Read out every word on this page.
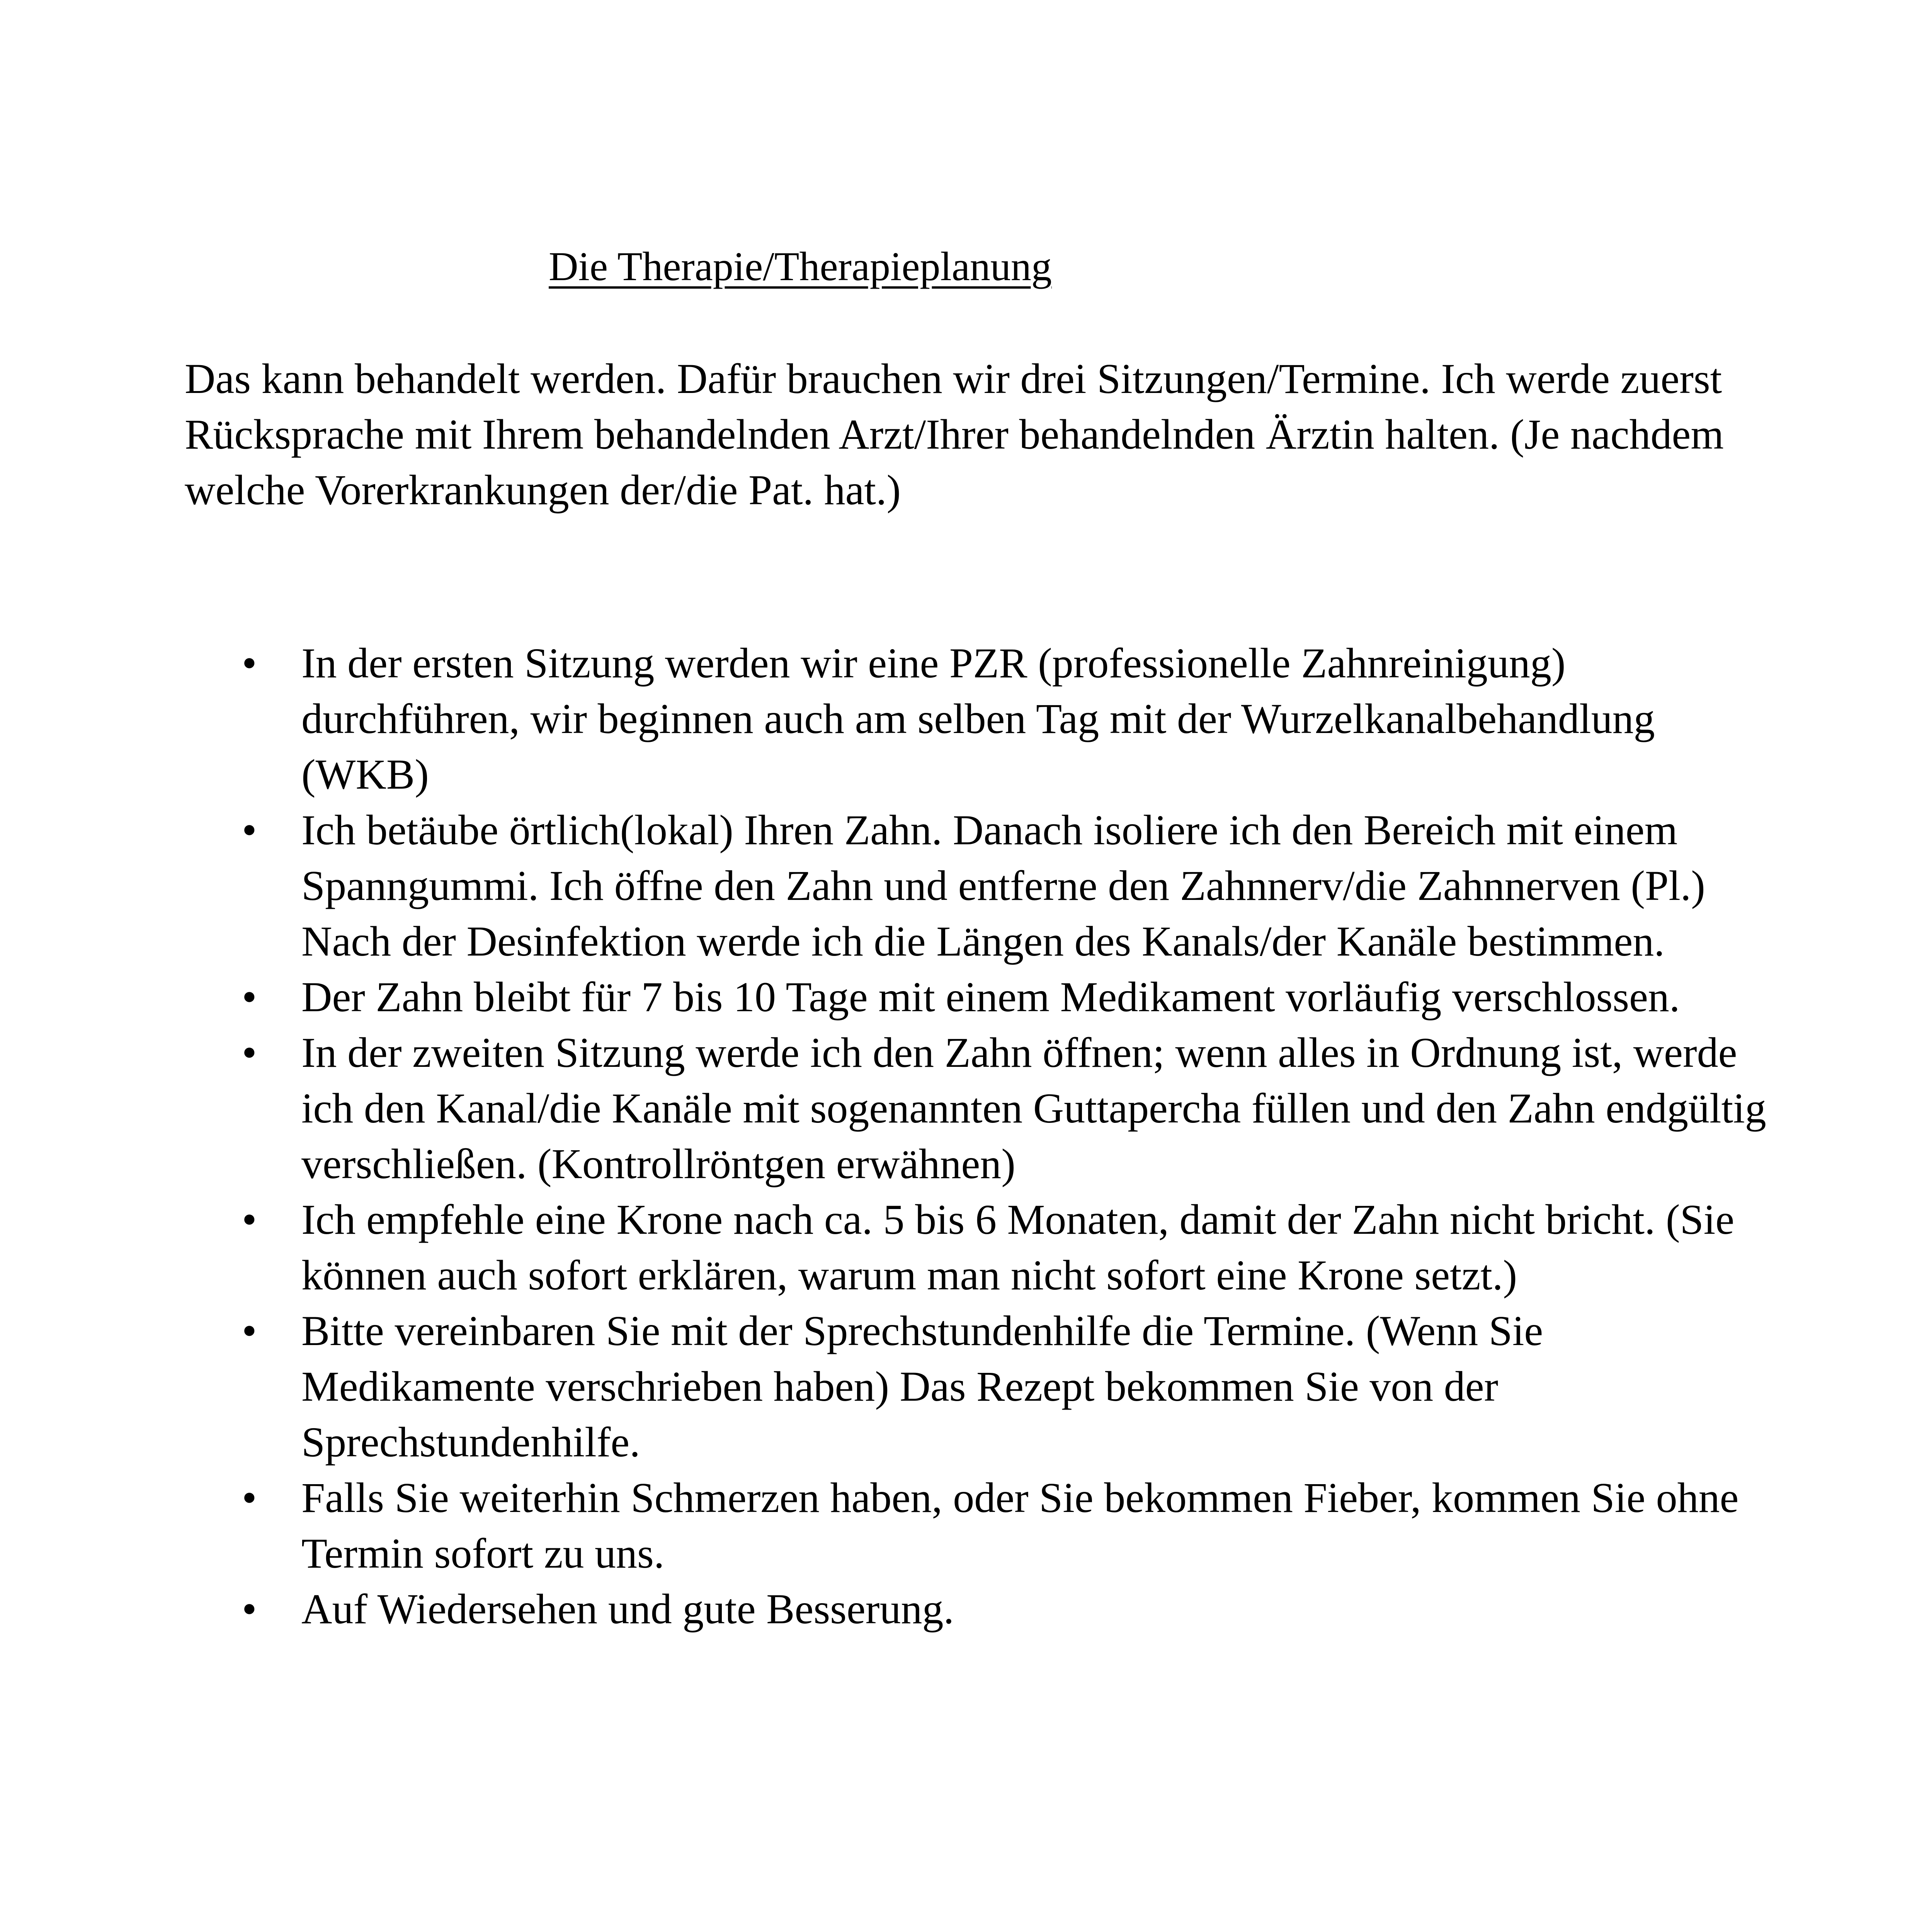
Die Therapie/Therapieplanung

Das kann behandelt werden. Dafür brauchen wir drei Sitzungen/Termine. Ich werde zuerst Rücksprache mit Ihrem behandelnden Arzt/Ihrer behandelnden Ärztin halten. (Je nachdem welche Vorerkrankungen der/die Pat. hat.)

• In der ersten Sitzung werden wir eine PZR (professionelle Zahnreinigung) durchführen, wir beginnen auch am selben Tag mit der Wurzelkanalbehandlung (WKB)
• Ich betäube örtlich(lokal) Ihren Zahn. Danach isoliere ich den Bereich mit einem Spanngummi. Ich öffne den Zahn und entferne den Zahnnerv/die Zahnnerven (Pl.) Nach der Desinfektion werde ich die Längen des Kanals/der Kanäle bestimmen.
• Der Zahn bleibt für 7 bis 10 Tage mit einem Medikament vorläufig verschlossen.
• In der zweiten Sitzung werde ich den Zahn öffnen; wenn alles in Ordnung ist, werde ich den Kanal/die Kanäle mit sogenannten Guttapercha füllen und den Zahn endgültig verschließen. (Kontrollröntgen erwähnen)
• Ich empfehle eine Krone nach ca. 5 bis 6 Monaten, damit der Zahn nicht bricht. (Sie können auch sofort erklären, warum man nicht sofort eine Krone setzt.)
• Bitte vereinbaren Sie mit der Sprechstundenhilfe die Termine. (Wenn Sie Medikamente verschrieben haben) Das Rezept bekommen Sie von der Sprechstundenhilfe.
• Falls Sie weiterhin Schmerzen haben, oder Sie bekommen Fieber, kommen Sie ohne Termin sofort zu uns.
• Auf Wiedersehen und gute Besserung.
